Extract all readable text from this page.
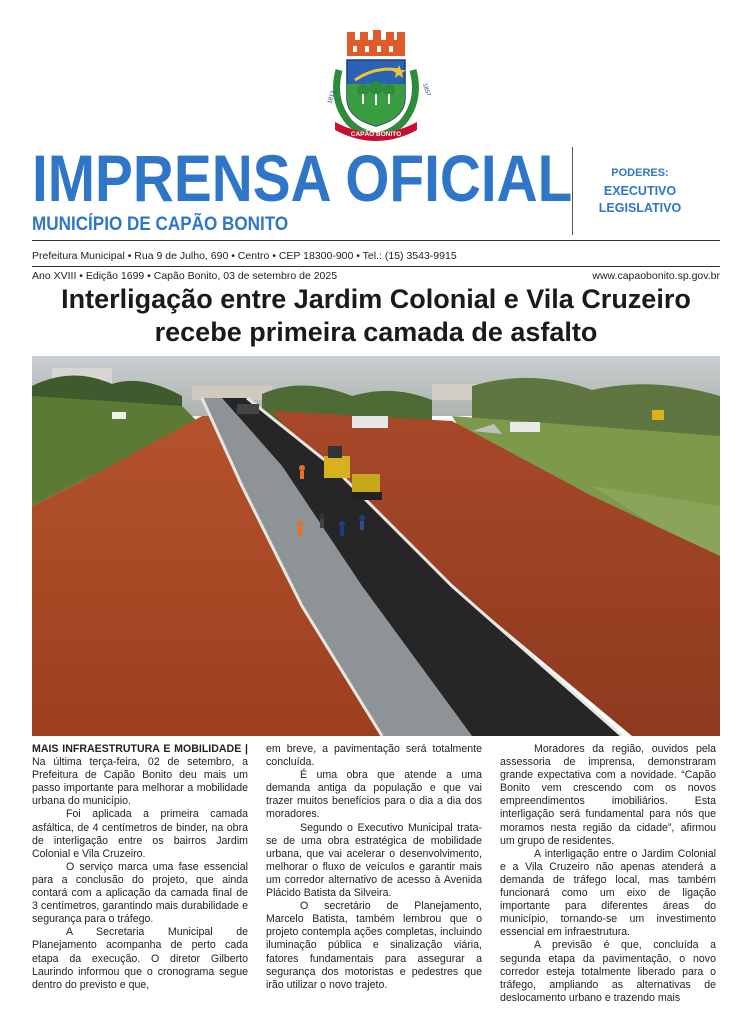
1813
1857
CAPÃO BONITO
IMPRENSA OFICIAL
MUNICÍPIO DE CAPÃO BONITO
PODERES:
EXECUTIVO
LEGISLATIVO
Prefeitura Municipal • Rua 9 de Julho, 690 • Centro • CEP 18300-900 • Tel.: (15) 3543-9915
Ano XVIII • Edição 1699 • Capão Bonito, 03 de setembro de 2025	www.capaobonito.sp.gov.br
Interligação entre Jardim Colonial e Vila Cruzeiro
recebe primeira camada de asfalto

MAIS INFRAESTRUTURA E MOBILIDADE | Na última terça-feira, 02 de setembro, a Prefeitura de Capão Bonito deu mais um passo importante para melhorar a mobilidade urbana do município.

Foi aplicada a primeira camada asfáltica, de 4 centímetros de binder, na obra de interligação entre os bairros Jardim Colonial e Vila Cruzeiro.

O serviço marca uma fase essencial para a conclusão do projeto, que ainda contará com a aplicação da camada final de 3 centímetros, garantindo mais durabilidade e segurança para o tráfego.

A Secretaria Municipal de Planejamento acompanha de perto cada etapa da execução. O diretor Gilberto Laurindo informou que o cronograma segue dentro do previsto e que,

em breve, a pavimentação será totalmente concluída.

É uma obra que atende a uma demanda antiga da população e que vai trazer muitos benefícios para o dia a dia dos moradores.

Segundo o Executivo Municipal trata-se de uma obra estratégica de mobilidade urbana, que vai acelerar o desenvolvimento, melhorar o fluxo de veículos e garantir mais um corredor alternativo de acesso à Avenida Plácido Batista da Silveira.

O secretário de Planejamento, Marcelo Batista, também lembrou que o projeto contempla ações completas, incluindo iluminação pública e sinalização viária, fatores fundamentais para assegurar a segurança dos motoristas e pedestres que irão utilizar o novo trajeto.

Moradores da região, ouvidos pela assessoria de imprensa, demonstraram grande expectativa com a novidade. “Capão Bonito vem crescendo com os novos empreendimentos imobiliários. Esta interligação será fundamental para nós que moramos nesta região da cidade”, afirmou um grupo de residentes.

A interligação entre o Jardim Colonial e a Vila Cruzeiro não apenas atenderá a demanda de tráfego local, mas também funcionará como um eixo de ligação importante para diferentes áreas do município, tornando-se um investimento essencial em infraestrutura.

A previsão é que, concluída a segunda etapa da pavimentação, o novo corredor esteja totalmente liberado para o tráfego, ampliando as alternativas de deslocamento urbano e trazendo mais
